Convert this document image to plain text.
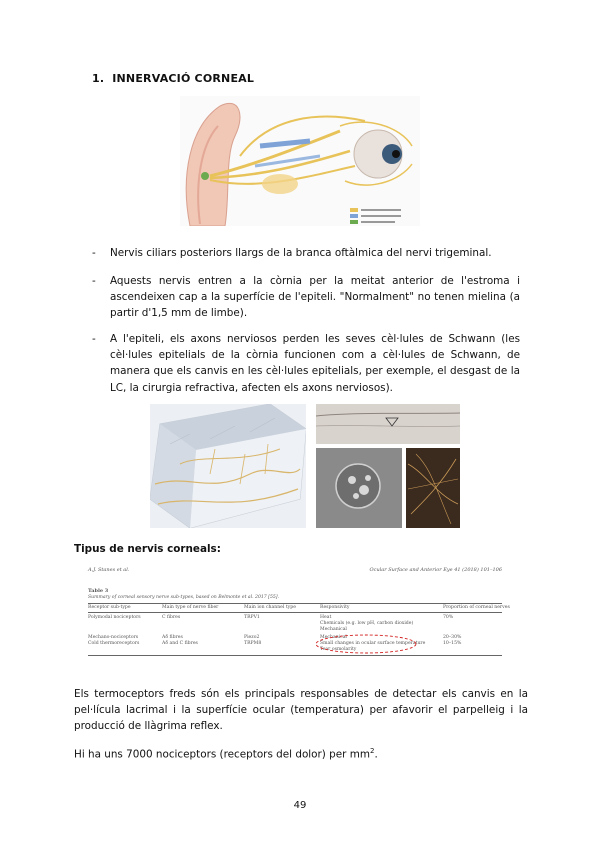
1. INNERVACIÓ CORNEAL
- Nervis ciliars posteriors llargs de la branca oftàlmica del nervi trigeminal.
- Aquests nervis entren a la còrnia per la meitat anterior de l'estroma i ascendeixen cap a la superfície de l'epiteli. "Normalment" no tenen mielina (a partir d'1,5 mm de limbe).
- A l'epiteli, els axons nerviosos perden les seves cèl·lules de Schwann (les cèl·lules epitelials de la còrnia funcionen com a cèl·lules de Schwann, de manera que els canvis en les cèl·lules epitelials, per exemple, el desgast de la LC, la cirurgia refractiva, afecten els axons nerviosos).
Tipus de nervis corneals:
A.J. Stanes et al.	Ocular Surface and Anterior Eye 41 (2018) 101–106
Table 3
Summary of corneal sensory nerve sub-types, based on Belmonte et al. 2017 [55].
Receptor sub-type	Main type of nerve fiber	Main ion channel type	Responsivity	Proportion of corneal nerves
Polymodal nociceptors	C fibres	TRPV1	Heat	70%
Chemicals (e.g. low pH, carbon dioxide)
Mechanical
Mechano-nociceptors	Aδ fibres	Piezo2	Mechanical	20–30%
Cold thermoreceptors	Aδ and C fibres	TRPM8	Small changes in ocular surface temperature	10–15%
Tear osmolarity
Els termoceptors freds són els principals responsables de detectar els canvis en la pel·lícula lacrimal i la superfície ocular (temperatura) per afavorir el parpelleig i la producció de llàgrima reflex.
Hi ha uns 7000 nociceptors (receptors del dolor) per $mm^2$.
49
